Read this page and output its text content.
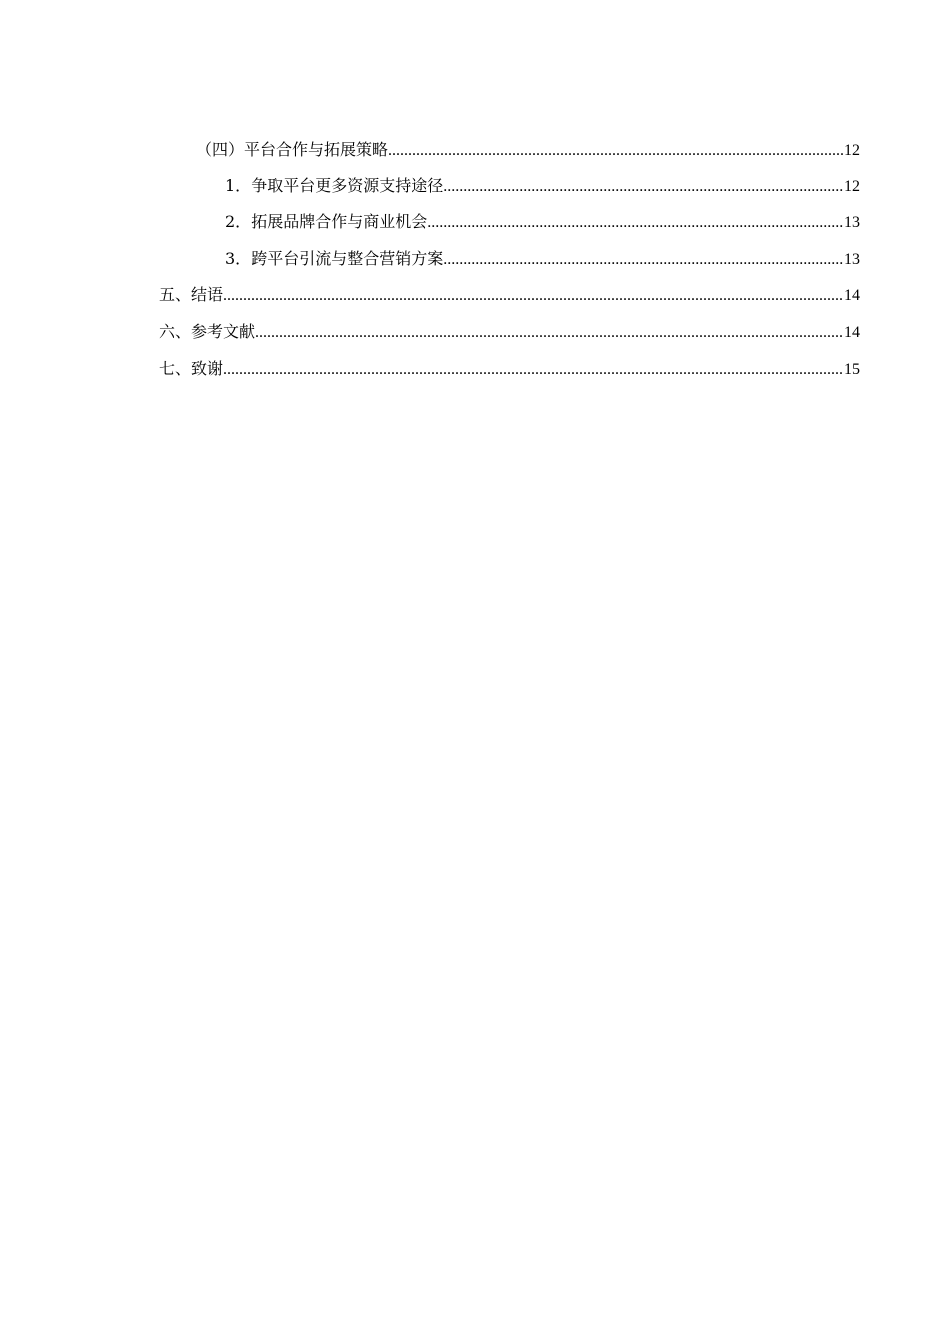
（四） 平台合作与拓展策略 .....	12
1． 争取平台更多资源支持途径 .....	12
2． 拓展品牌合作与商业机会 .....	13
3． 跨平台引流与整合营销方案 .....	13
五、 结语 .....	14
六、 参考文献 .....	14
七、 致谢 .....	15
